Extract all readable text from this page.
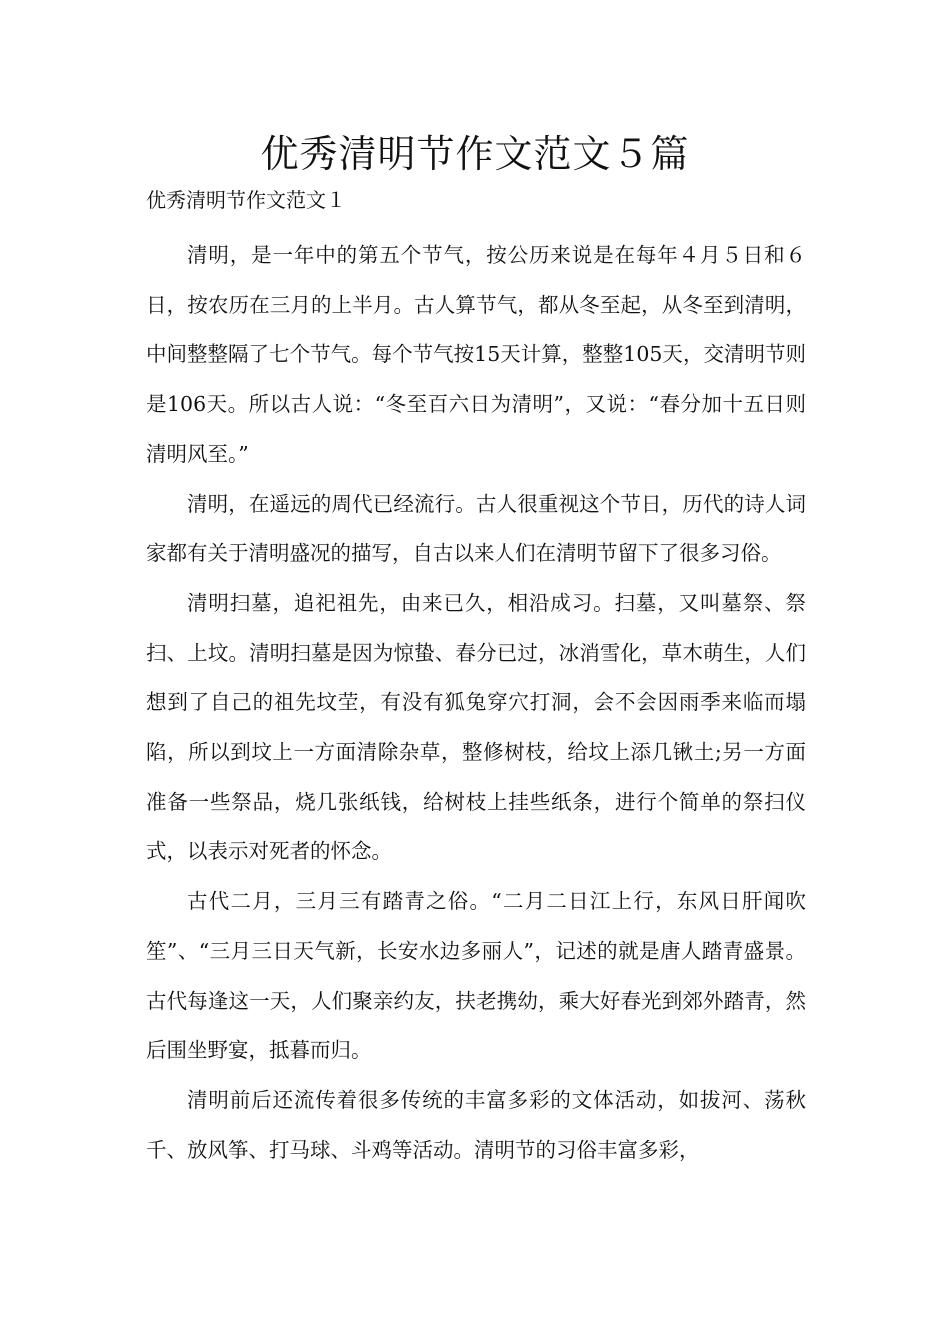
优秀清明节作文范文５篇

优秀清明节作文范文１

清明，是一年中的第五个节气，按公历来说是在每年４月５日和６日，按农历在三月的上半月。古人算节气，都从冬至起，从冬至到清明，中间整整隔了七个节气。每个节气按15天计算，整整105天，交清明节则是106天。所以古人说：“冬至百六日为清明”，又说：“春分加十五日则清明风至。”

清明，在遥远的周代已经流行。古人很重视这个节日，历代的诗人词家都有关于清明盛况的描写，自古以来人们在清明节留下了很多习俗。

清明扫墓，追祀祖先，由来已久，相沿成习。扫墓，又叫墓祭、祭扫、上坟。清明扫墓是因为惊蛰、春分已过，冰消雪化，草木萌生，人们想到了自己的祖先坟茔，有没有狐兔穿穴打洞，会不会因雨季来临而塌陷，所以到坟上一方面清除杂草，整修树枝，给坟上添几锹土;另一方面准备一些祭品，烧几张纸钱，给树枝上挂些纸条，进行个简单的祭扫仪式，以表示对死者的怀念。

古代二月，三月三有踏青之俗。“二月二日江上行，东风日肝闻吹笙”、“三月三日天气新，长安水边多丽人”，记述的就是唐人踏青盛景。古代每逢这一天，人们聚亲约友，扶老携幼，乘大好春光到郊外踏青，然后围坐野宴，抵暮而归。

清明前后还流传着很多传统的丰富多彩的文体活动，如拔河、荡秋千、放风筝、打马球、斗鸡等活动。清明节的习俗丰富多彩，
